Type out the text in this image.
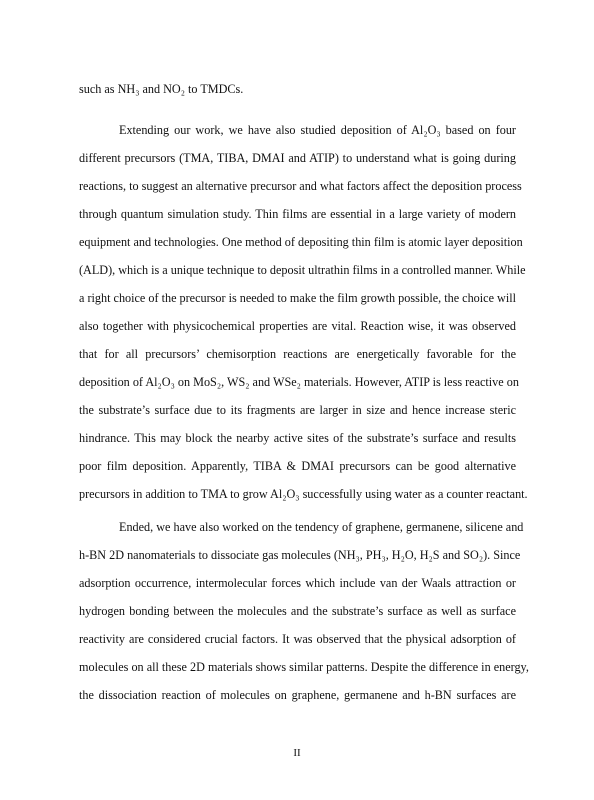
such as NH₃ and NO₂ to TMDCs.
Extending our work, we have also studied deposition of Al₂O₃ based on four
different precursors (TMA, TIBA, DMAI and ATIP) to understand what is going during
reactions, to suggest an alternative precursor and what factors affect the deposition process
through quantum simulation study. Thin films are essential in a large variety of modern
equipment and technologies. One method of depositing thin film is atomic layer deposition
(ALD), which is a unique technique to deposit ultrathin films in a controlled manner. While
a right choice of the precursor is needed to make the film growth possible, the choice will
also together with physicochemical properties are vital. Reaction wise, it was observed
that for all precursors’ chemisorption reactions are energetically favorable for the
deposition of Al₂O₃ on MoS₂, WS₂ and WSe₂ materials. However, ATIP is less reactive on
the substrate’s surface due to its fragments are larger in size and hence increase steric
hindrance. This may block the nearby active sites of the substrate’s surface and results
poor film deposition. Apparently, TIBA & DMAI precursors can be good alternative
precursors in addition to TMA to grow Al₂O₃ successfully using water as a counter reactant.
Ended, we have also worked on the tendency of graphene, germanene, silicene and
h-BN 2D nanomaterials to dissociate gas molecules (NH₃, PH₃, H₂O, H₂S and SO₂). Since
adsorption occurrence, intermolecular forces which include van der Waals attraction or
hydrogen bonding between the molecules and the substrate’s surface as well as surface
reactivity are considered crucial factors. It was observed that the physical adsorption of
molecules on all these 2D materials shows similar patterns. Despite the difference in energy,
the dissociation reaction of molecules on graphene, germanene and h-BN surfaces are
II
